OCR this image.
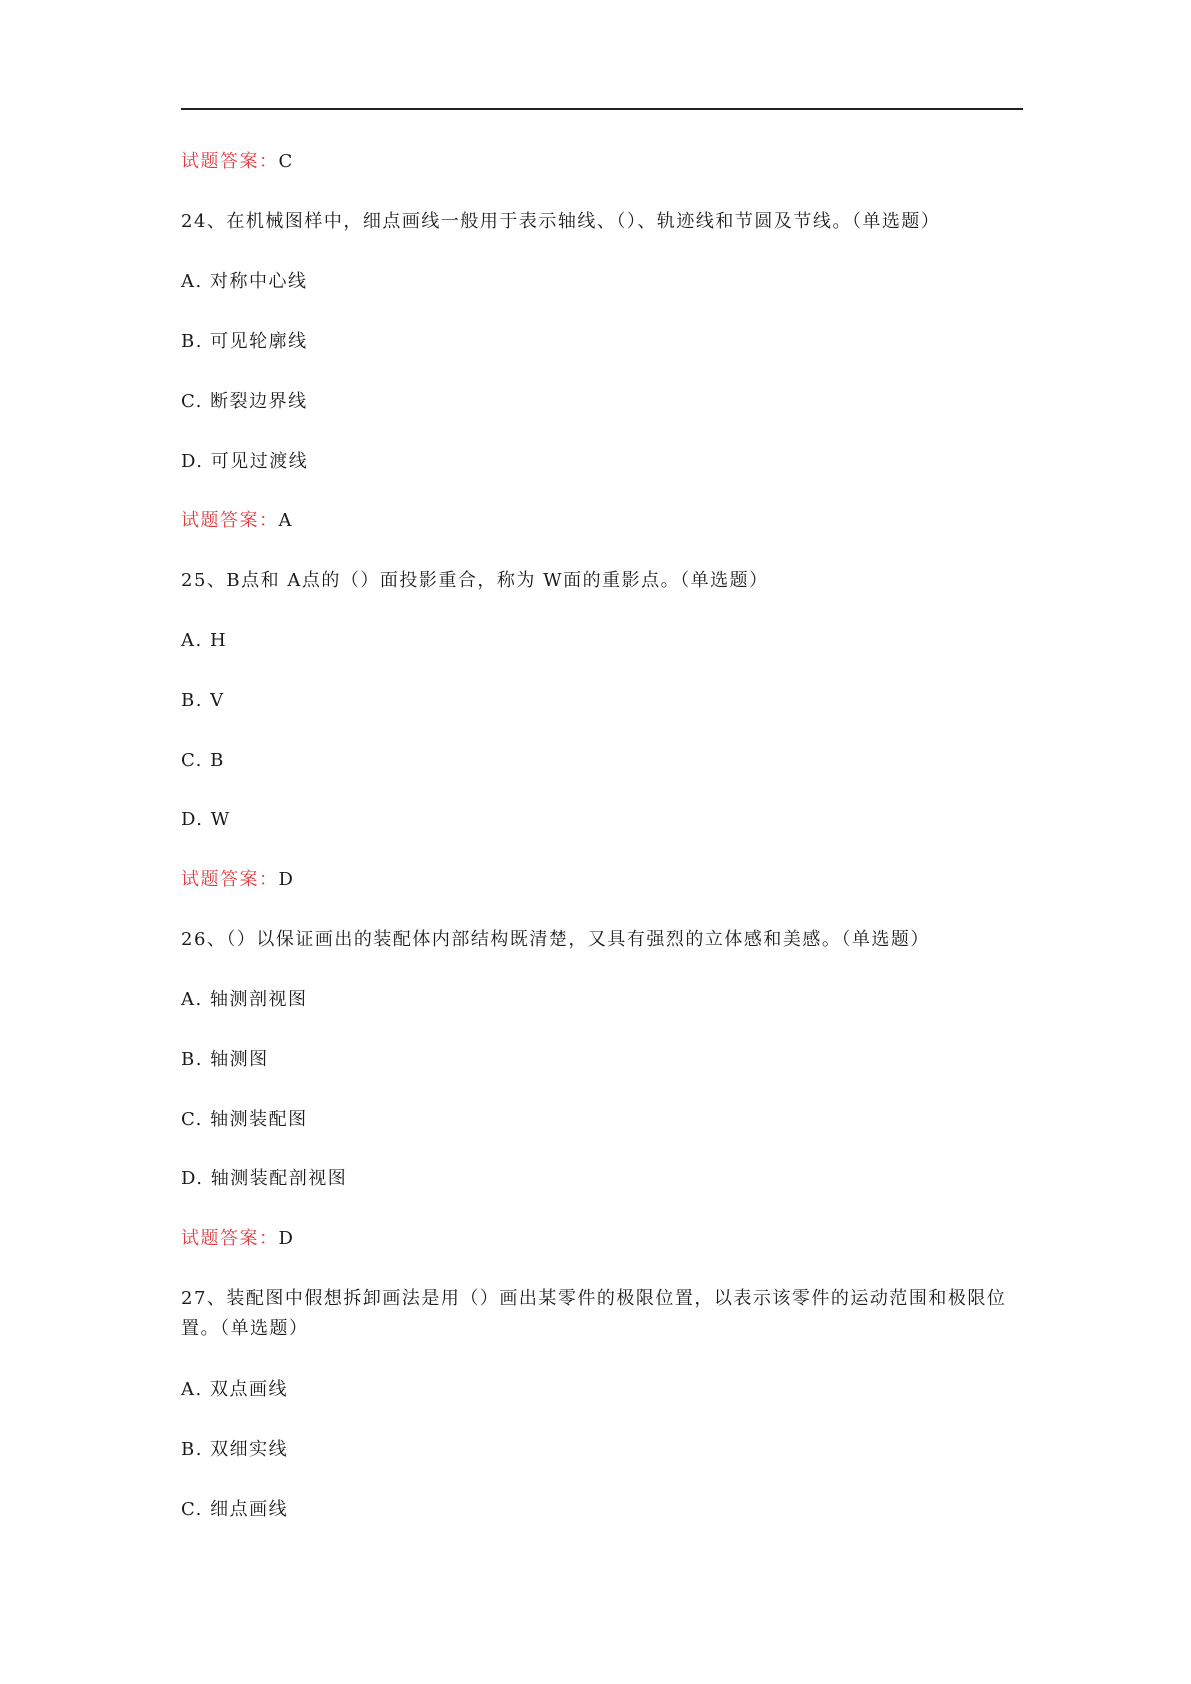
试题答案：C
24、在机械图样中，细点画线一般用于表示轴线、（）、轨迹线和节圆及节线。（单选题）
A. 对称中心线
B. 可见轮廓线
C. 断裂边界线
D. 可见过渡线
试题答案：A
25、B点和 A点的（）面投影重合，称为 W面的重影点。（单选题）
A. H
B. V
C. B
D. W
试题答案：D
26、（）以保证画出的装配体内部结构既清楚，又具有强烈的立体感和美感。（单选题）
A. 轴测剖视图
B. 轴测图
C. 轴测装配图
D. 轴测装配剖视图
试题答案：D
27、装配图中假想拆卸画法是用（）画出某零件的极限位置，以表示该零件的运动范围和极限位置。（单选题）
A. 双点画线
B. 双细实线
C. 细点画线
